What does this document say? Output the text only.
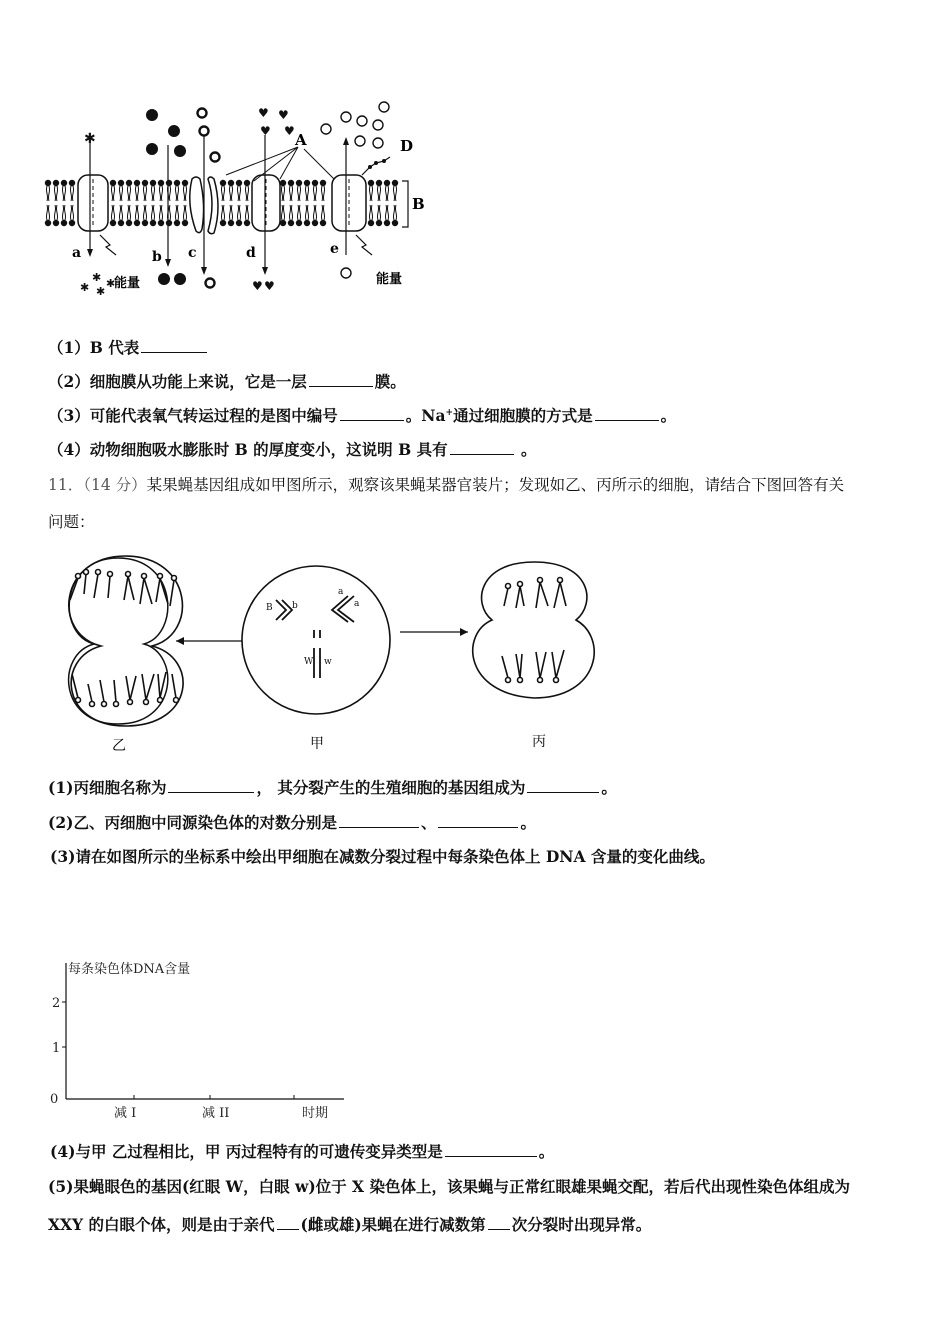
✱
♥ ♥
♥ ♥
✱
✱ ✱
✱	♥ ♥
A	D
B
a	b c	d	e
能量	能量
（1）B 代表
（2）细胞膜从功能上来说，它是一层	膜。
（3）可能代表氧气转运过程的是图中编号	。Na+通过细胞膜的方式是	。
（4）动物细胞吸水膨胀时 B 的厚度变小，这说明 B 具有	。
11．（14 分）某果蝇基因组成如甲图所示，观察该果蝇某器官装片；发现如乙、丙所示的细胞，请结合下图回答有关
问题：
B b
a
a
W w
乙	甲	丙
(1)丙细胞名称为	， 其分裂产生的生殖细胞的基因组成为	。
(2)乙、丙细胞中同源染色体的对数分别是	、	。
(3)请在如图所示的坐标系中绘出甲细胞在减数分裂过程中每条染色体上 DNA 含量的变化曲线。
每条染色体DNA含量
2
1
0
减 I	减 II	时期
(4)与甲 乙过程相比，甲 丙过程特有的可遗传变异类型是	。
(5)果蝇眼色的基因(红眼 W，白眼 w)位于 X 染色体上，该果蝇与正常红眼雄果蝇交配，若后代出现性染色体组成为
XXY 的白眼个体，则是由于亲代 (雌或雄)果蝇在进行减数第 次分裂时出现异常。
